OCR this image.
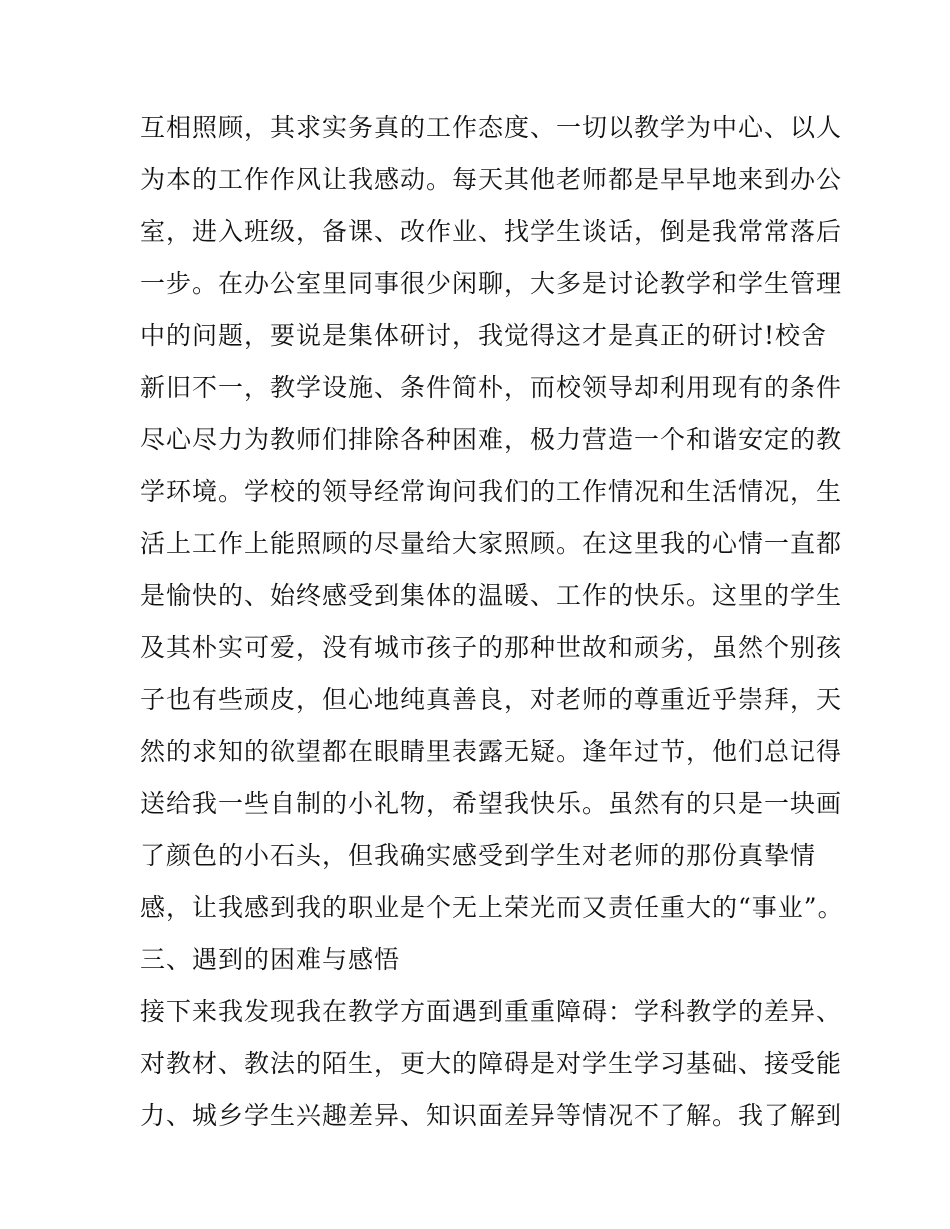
互相照顾，其求实务真的工作态度、一切以教学为中心、以人
为本的工作作风让我感动。每天其他老师都是早早地来到办公
室，进入班级，备课、改作业、找学生谈话，倒是我常常落后
一步。在办公室里同事很少闲聊，大多是讨论教学和学生管理
中的问题，要说是集体研讨，我觉得这才是真正的研讨!校舍
新旧不一，教学设施、条件简朴，而校领导却利用现有的条件
尽心尽力为教师们排除各种困难，极力营造一个和谐安定的教
学环境。学校的领导经常询问我们的工作情况和生活情况，生
活上工作上能照顾的尽量给大家照顾。在这里我的心情一直都
是愉快的、始终感受到集体的温暖、工作的快乐。这里的学生
及其朴实可爱，没有城市孩子的那种世故和顽劣，虽然个别孩
子也有些顽皮，但心地纯真善良，对老师的尊重近乎崇拜，天
然的求知的欲望都在眼睛里表露无疑。逢年过节，他们总记得
送给我一些自制的小礼物，希望我快乐。虽然有的只是一块画
了颜色的小石头，但我确实感受到学生对老师的那份真挚情
感，让我感到我的职业是个无上荣光而又责任重大的“事业”。
三、遇到的困难与感悟
接下来我发现我在教学方面遇到重重障碍：学科教学的差异、
对教材、教法的陌生，更大的障碍是对学生学习基础、接受能
力、城乡学生兴趣差异、知识面差异等情况不了解。我了解到
